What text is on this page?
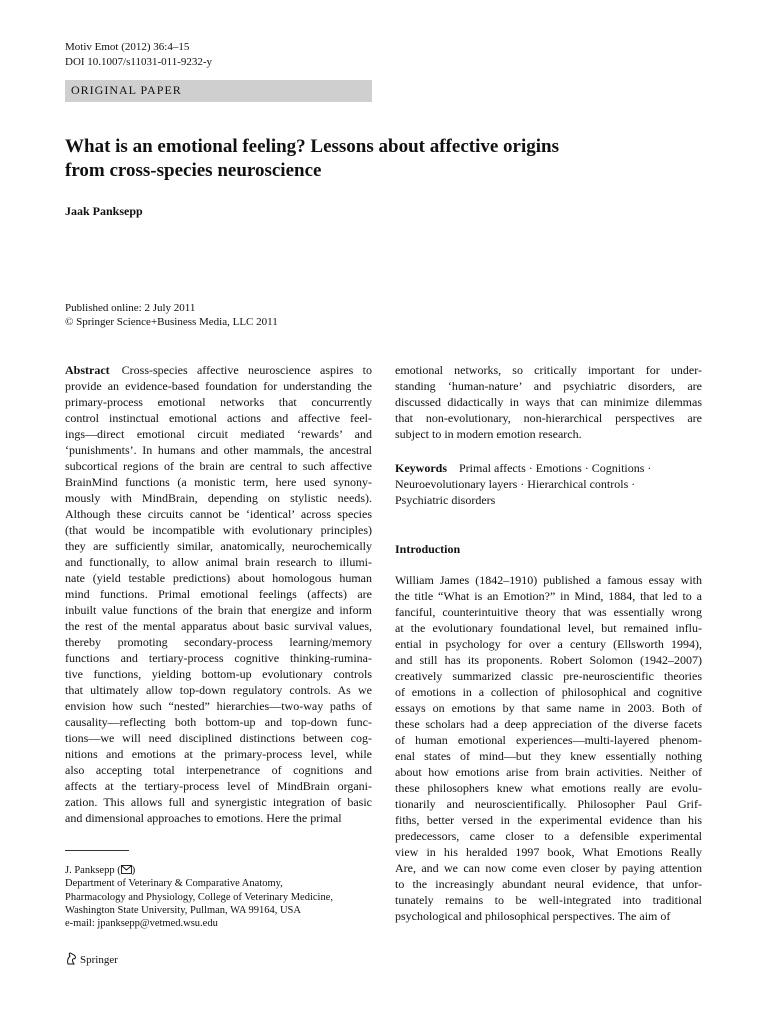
Motiv Emot (2012) 36:4–15
DOI 10.1007/s11031-011-9232-y
ORIGINAL PAPER
What is an emotional feeling? Lessons about affective origins
from cross-species neuroscience
Jaak Panksepp
Published online: 2 July 2011
© Springer Science+Business Media, LLC 2011
Abstract Cross-species affective neuroscience aspires to
provide an evidence-based foundation for understanding the
primary-process emotional networks that concurrently
control instinctual emotional actions and affective feel-
ings—direct emotional circuit mediated ‘rewards’ and
‘punishments’. In humans and other mammals, the ancestral
subcortical regions of the brain are central to such affective
BrainMind functions (a monistic term, here used synony-
mously with MindBrain, depending on stylistic needs).
Although these circuits cannot be ‘identical’ across species
(that would be incompatible with evolutionary principles)
they are sufficiently similar, anatomically, neurochemically
and functionally, to allow animal brain research to illumi-
nate (yield testable predictions) about homologous human
mind functions. Primal emotional feelings (affects) are
inbuilt value functions of the brain that energize and inform
the rest of the mental apparatus about basic survival values,
thereby promoting secondary-process learning/memory
functions and tertiary-process cognitive thinking-rumina-
tive functions, yielding bottom-up evolutionary controls
that ultimately allow top-down regulatory controls. As we
envision how such “nested” hierarchies—two-way paths of
causality—reflecting both bottom-up and top-down func-
tions—we will need disciplined distinctions between cog-
nitions and emotions at the primary-process level, while
also accepting total interpenetrance of cognitions and
affects at the tertiary-process level of MindBrain organi-
zation. This allows full and synergistic integration of basic
and dimensional approaches to emotions. Here the primal
emotional networks, so critically important for under-
standing ‘human-nature’ and psychiatric disorders, are
discussed didactically in ways that can minimize dilemmas
that non-evolutionary, non-hierarchical perspectives are
subject to in modern emotion research.
Keywords Primal affects · Emotions · Cognitions ·
Neuroevolutionary layers · Hierarchical controls ·
Psychiatric disorders
Introduction
William James (1842–1910) published a famous essay with
the title “What is an Emotion?” in Mind, 1884, that led to a
fanciful, counterintuitive theory that was essentially wrong
at the evolutionary foundational level, but remained influ-
ential in psychology for over a century (Ellsworth 1994),
and still has its proponents. Robert Solomon (1942–2007)
creatively summarized classic pre-neuroscientific theories
of emotions in a collection of philosophical and cognitive
essays on emotions by that same name in 2003. Both of
these scholars had a deep appreciation of the diverse facets
of human emotional experiences—multi-layered phenom-
enal states of mind—but they knew essentially nothing
about how emotions arise from brain activities. Neither of
these philosophers knew what emotions really are evolu-
tionarily and neuroscientifically. Philosopher Paul Grif-
fiths, better versed in the experimental evidence than his
predecessors, came closer to a defensible experimental
view in his heralded 1997 book, What Emotions Really
Are, and we can now come even closer by paying attention
to the increasingly abundant neural evidence, that unfor-
tunately remains to be well-integrated into traditional
psychological and philosophical perspectives. The aim of
J. Panksepp ( )
Department of Veterinary & Comparative Anatomy,
Pharmacology and Physiology, College of Veterinary Medicine,
Washington State University, Pullman, WA 99164, USA
e-mail: jpanksepp@vetmed.wsu.edu
Springer
